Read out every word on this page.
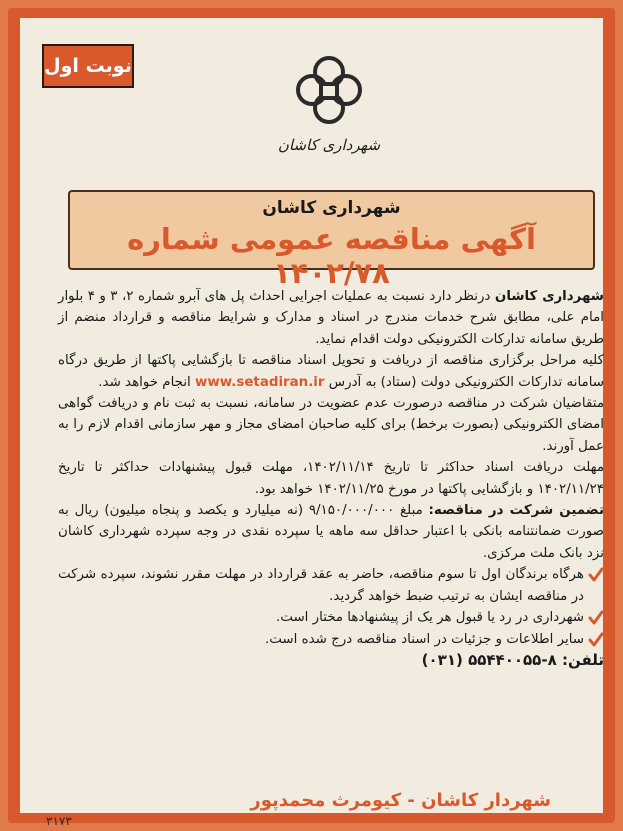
نوبت اول
شهرداری کاشان
شهرداری کاشان
آگهی مناقصه عمومی شماره ۱۴۰۲/۷۸

شهرداری کاشان درنظر دارد نسبت به عملیات اجرایی احداث پل های آبرو شماره ۲، ۳ و ۴ بلوار امام علی، مطابق شرح خدمات مندرج در اسناد و مدارک و شرایط مناقصه و قرارداد منضم از طریق سامانه تدارکات الکترونیکی دولت اقدام نماید.

کلیه مراحل برگزاری مناقصه از دریافت و تحویل اسناد مناقصه تا بازگشایی پاکتها از طریق درگاه سامانه تدارکات الکترونیکی دولت (ستاد) به آدرس www.setadiran.ir انجام خواهد شد.

متقاضیان شرکت در مناقصه درصورت عدم عضویت در سامانه، نسبت به ثبت نام و دریافت گواهی امضای الکترونیکی (بصورت برخط) برای کلیه صاحبان امضای مجاز و مهر سازمانی اقدام لازم را به عمل آورند.

مهلت دریافت اسناد حداکثر تا تاریخ ۱۴۰۲/۱۱/۱۴، مهلت قبول پیشنهادات حداکثر تا تاریخ ۱۴۰۲/۱۱/۲۴ و بازگشایی پاکتها در مورخ ۱۴۰۲/۱۱/۲۵ خواهد بود.

تضمین شرکت در مناقصه: مبلغ ۹/۱۵۰/۰۰۰/۰۰۰ (نه میلیارد و یکصد و پنجاه میلیون) ریال به صورت ضمانتنامه بانکی با اعتبار حداقل سه ماهه یا سپرده نقدی در وجه سپرده شهرداری کاشان نزد بانک ملت مرکزی.

هرگاه برندگان اول تا سوم مناقصه، حاضر به عقد قرارداد در مهلت مقرر نشوند، سپرده شرکت در مناقصه ایشان به ترتیب ضبط خواهد گردید.

شهرداری در رد یا قبول هر یک از پیشنهادها مختار است.

سایر اطلاعات و جزئیات در اسناد مناقصه درج شده است.

تلفن: ۸-۵۵۴۴۰۰۵۵ (۰۳۱)

شهردار کاشان - کیومرث محمدپور
۳۱۷۳
